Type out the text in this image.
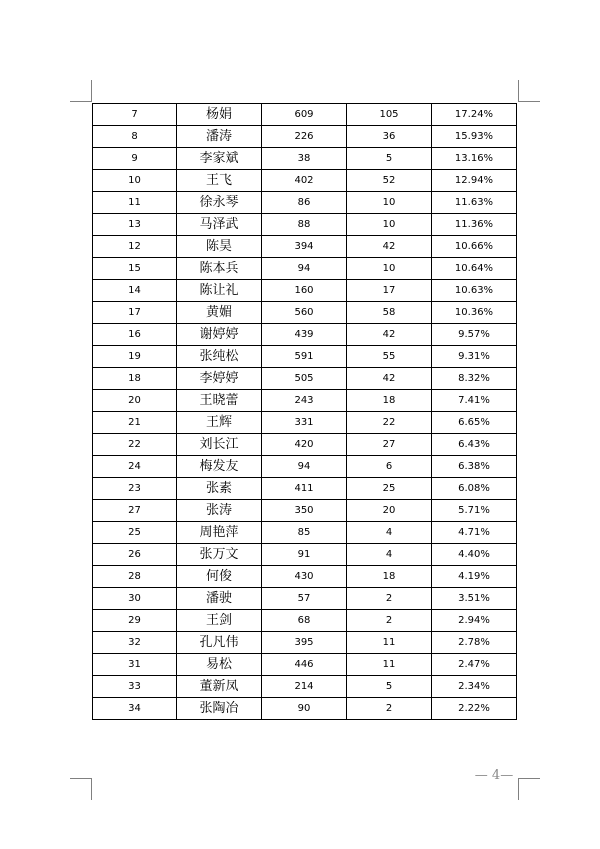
7	杨娟	609	105	17.24%
8	潘涛	226	36	15.93%
9	李家斌	38	5	13.16%
10	王飞	402	52	12.94%
11	徐永琴	86	10	11.63%
13	马泽武	88	10	11.36%
12	陈昊	394	42	10.66%
15	陈本兵	94	10	10.64%
14	陈让礼	160	17	10.63%
17	黄媚	560	58	10.36%
16	谢婷婷	439	42	9.57%
19	张纯松	591	55	9.31%
18	李婷婷	505	42	8.32%
20	王晓蕾	243	18	7.41%
21	王辉	331	22	6.65%
22	刘长江	420	27	6.43%
24	梅发友	94	6	6.38%
23	张素	411	25	6.08%
27	张涛	350	20	5.71%
25	周艳萍	85	4	4.71%
26	张万文	91	4	4.40%
28	何俊	430	18	4.19%
30	潘驶	57	2	3.51%
29	王剑	68	2	2.94%
32	孔凡伟	395	11	2.78%
31	易松	446	11	2.47%
33	董新凤	214	5	2.34%
34	张陶冶	90	2	2.22%
— 4—
